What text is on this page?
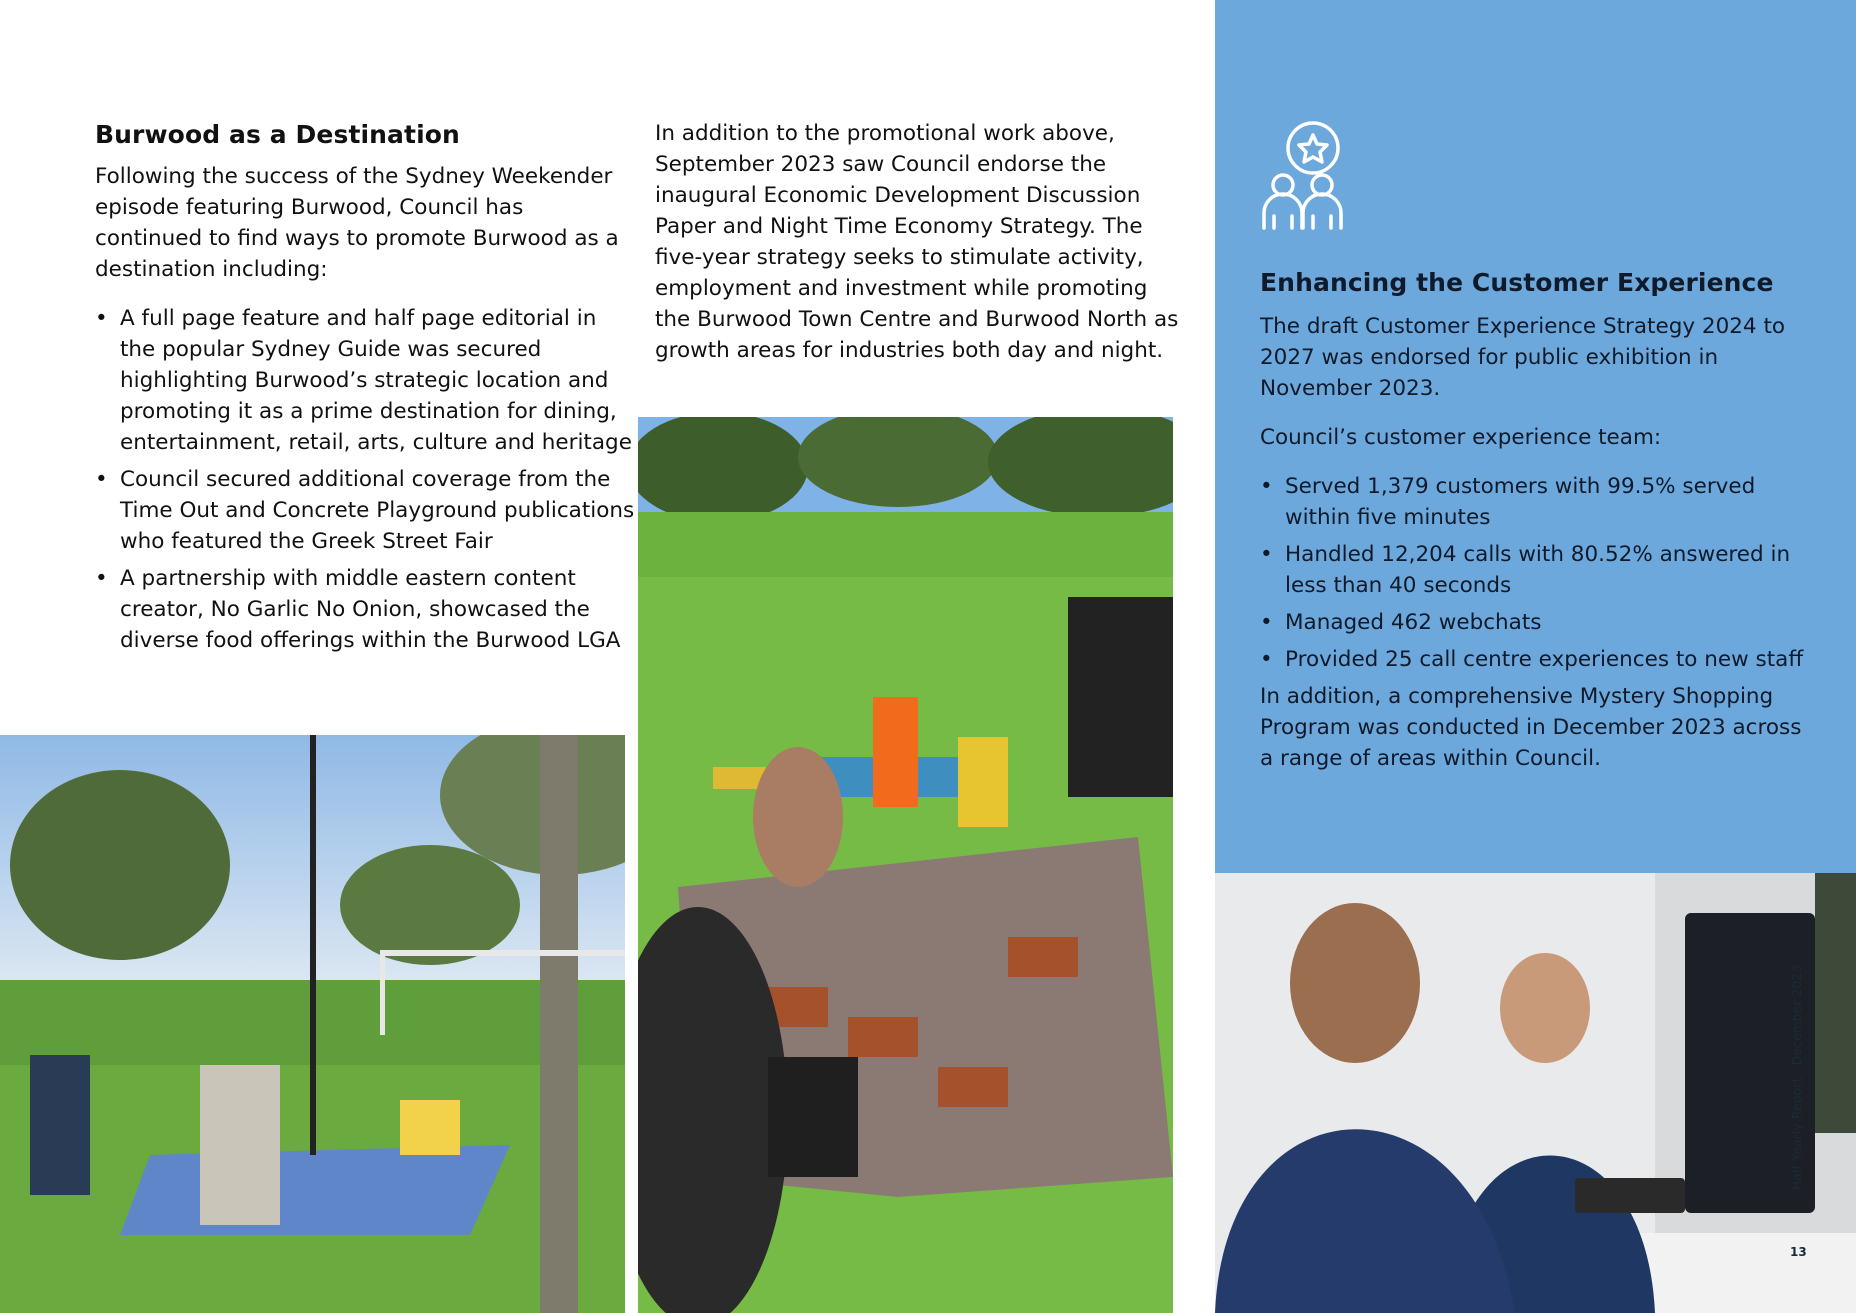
Burwood as a Destination

Following the success of the Sydney Weekender episode featuring Burwood, Council has continued to find ways to promote Burwood as a destination including:

• A full page feature and half page editorial in the popular Sydney Guide was secured highlighting Burwood’s strategic location and promoting it as a prime destination for dining, entertainment, retail, arts, culture and heritage
• Council secured additional coverage from the Time Out and Concrete Playground publications who featured the Greek Street Fair
• A partnership with middle eastern content creator, No Garlic No Onion, showcased the diverse food offerings within the Burwood LGA

In addition to the promotional work above, September 2023 saw Council endorse the inaugural Economic Development Discussion Paper and Night Time Economy Strategy. The five-year strategy seeks to stimulate activity, employment and investment while promoting the Burwood Town Centre and Burwood North as growth areas for industries both day and night.

Enhancing the Customer Experience

The draft Customer Experience Strategy 2024 to 2027 was endorsed for public exhibition in November 2023.

Council’s customer experience team:

• Served 1,379 customers with 99.5% served within five minutes
• Handled 12,204 calls with 80.52% answered in less than 40 seconds
• Managed 462 webchats
• Provided 25 call centre experiences to new staff

In addition, a comprehensive Mystery Shopping Program was conducted in December 2023 across a range of areas within Council.

Half Yearly Report · December 2023
13
